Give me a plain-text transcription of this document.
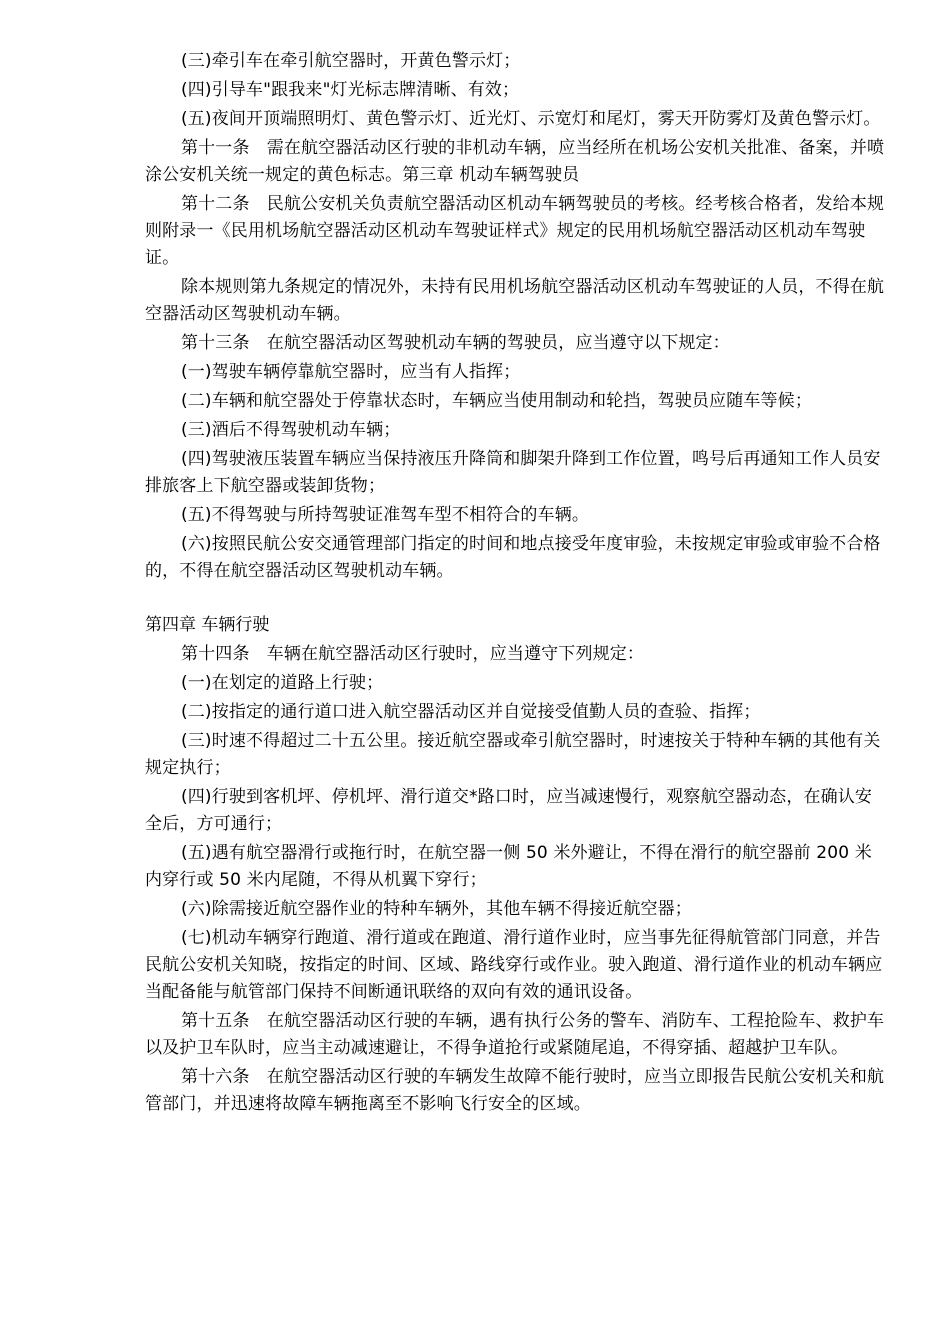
(三)牵引车在牵引航空器时，开黄色警示灯；

(四)引导车"跟我来"灯光标志牌清晰、有效；

(五)夜间开顶端照明灯、黄色警示灯、近光灯、示宽灯和尾灯，雾天开防雾灯及黄色警示灯。

第十一条　需在航空器活动区行驶的非机动车辆，应当经所在机场公安机关批准、备案，并喷涂公安机关统一规定的黄色标志。第三章 机动车辆驾驶员

第十二条　民航公安机关负责航空器活动区机动车辆驾驶员的考核。经考核合格者，发给本规则附录一《民用机场航空器活动区机动车驾驶证样式》规定的民用机场航空器活动区机动车驾驶证。

除本规则第九条规定的情况外，未持有民用机场航空器活动区机动车驾驶证的人员，不得在航空器活动区驾驶机动车辆。

第十三条　在航空器活动区驾驶机动车辆的驾驶员，应当遵守以下规定：

(一)驾驶车辆停靠航空器时，应当有人指挥；

(二)车辆和航空器处于停靠状态时，车辆应当使用制动和轮挡，驾驶员应随车等候；

(三)酒后不得驾驶机动车辆；

(四)驾驶液压装置车辆应当保持液压升降筒和脚架升降到工作位置，鸣号后再通知工作人员安排旅客上下航空器或装卸货物；

(五)不得驾驶与所持驾驶证准驾车型不相符合的车辆。

(六)按照民航公安交通管理部门指定的时间和地点接受年度审验，未按规定审验或审验不合格的，不得在航空器活动区驾驶机动车辆。

第四章 车辆行驶

第十四条　车辆在航空器活动区行驶时，应当遵守下列规定：

(一)在划定的道路上行驶；

(二)按指定的通行道口进入航空器活动区并自觉接受值勤人员的查验、指挥；

(三)时速不得超过二十五公里。接近航空器或牵引航空器时，时速按关于特种车辆的其他有关规定执行；

(四)行驶到客机坪、停机坪、滑行道交*路口时，应当减速慢行，观察航空器动态，在确认安全后，方可通行；

(五)遇有航空器滑行或拖行时，在航空器一侧 50 米外避让，不得在滑行的航空器前 200 米内穿行或 50 米内尾随，不得从机翼下穿行；

(六)除需接近航空器作业的特种车辆外，其他车辆不得接近航空器；

(七)机动车辆穿行跑道、滑行道或在跑道、滑行道作业时，应当事先征得航管部门同意，并告民航公安机关知晓，按指定的时间、区域、路线穿行或作业。驶入跑道、滑行道作业的机动车辆应当配备能与航管部门保持不间断通讯联络的双向有效的通讯设备。

第十五条　在航空器活动区行驶的车辆，遇有执行公务的警车、消防车、工程抢险车、救护车以及护卫车队时，应当主动减速避让，不得争道抢行或紧随尾追，不得穿插、超越护卫车队。

第十六条　在航空器活动区行驶的车辆发生故障不能行驶时，应当立即报告民航公安机关和航管部门，并迅速将故障车辆拖离至不影响飞行安全的区域。
